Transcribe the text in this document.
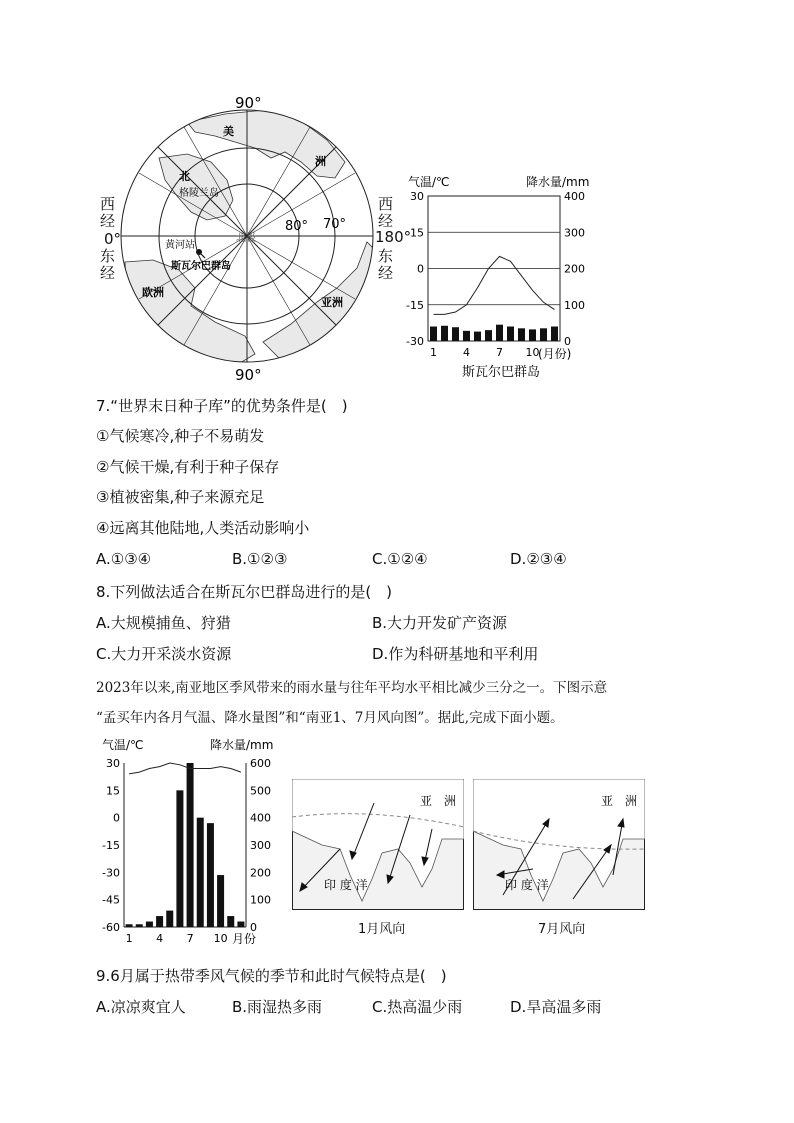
90°
90°
70°
80°
北极
美
洲
北
格陵兰岛
黄河站
斯瓦尔巴群岛
欧洲
亚洲
西
经
0°
东
经
西
经
180°
东
经
气温/℃	降水量/mm
30	400
15	300
0	200
-15	100
-30	0
1 4 7 10
(月份)
斯瓦尔巴群岛
7.“世界末日种子库”的优势条件是(　)
①气候寒冷,种子不易萌发
②气候干燥,有利于种子保存
③植被密集,种子来源充足
④远离其他陆地,人类活动影响小
A.①③④	B.①②③	C.①②④	D.②③④
8.下列做法适合在斯瓦尔巴群岛进行的是(　)
A.大规模捕鱼、狩猎	B.大力开发矿产资源
C.大力开采淡水资源	D.作为科研基地和平利用
2023年以来,南亚地区季风带来的雨水量与往年平均水平相比减少三分之一。下图示意
“孟买年内各月气温、降水量图”和“南亚1、7月风向图”。据此,完成下面小题。
气温/℃	降水量/mm
30	600
15	500
0	400
-15	300
-30	200
-45	100
-60	0
1 4 7 10 月份
亚　洲
印 度 洋
1月风向
亚　洲
印 度 洋
7月风向
9.6月属于热带季风气候的季节和此时气候特点是(　)
A.凉凉爽宜人	B.雨湿热多雨	C.热高温少雨	D.旱高温多雨
